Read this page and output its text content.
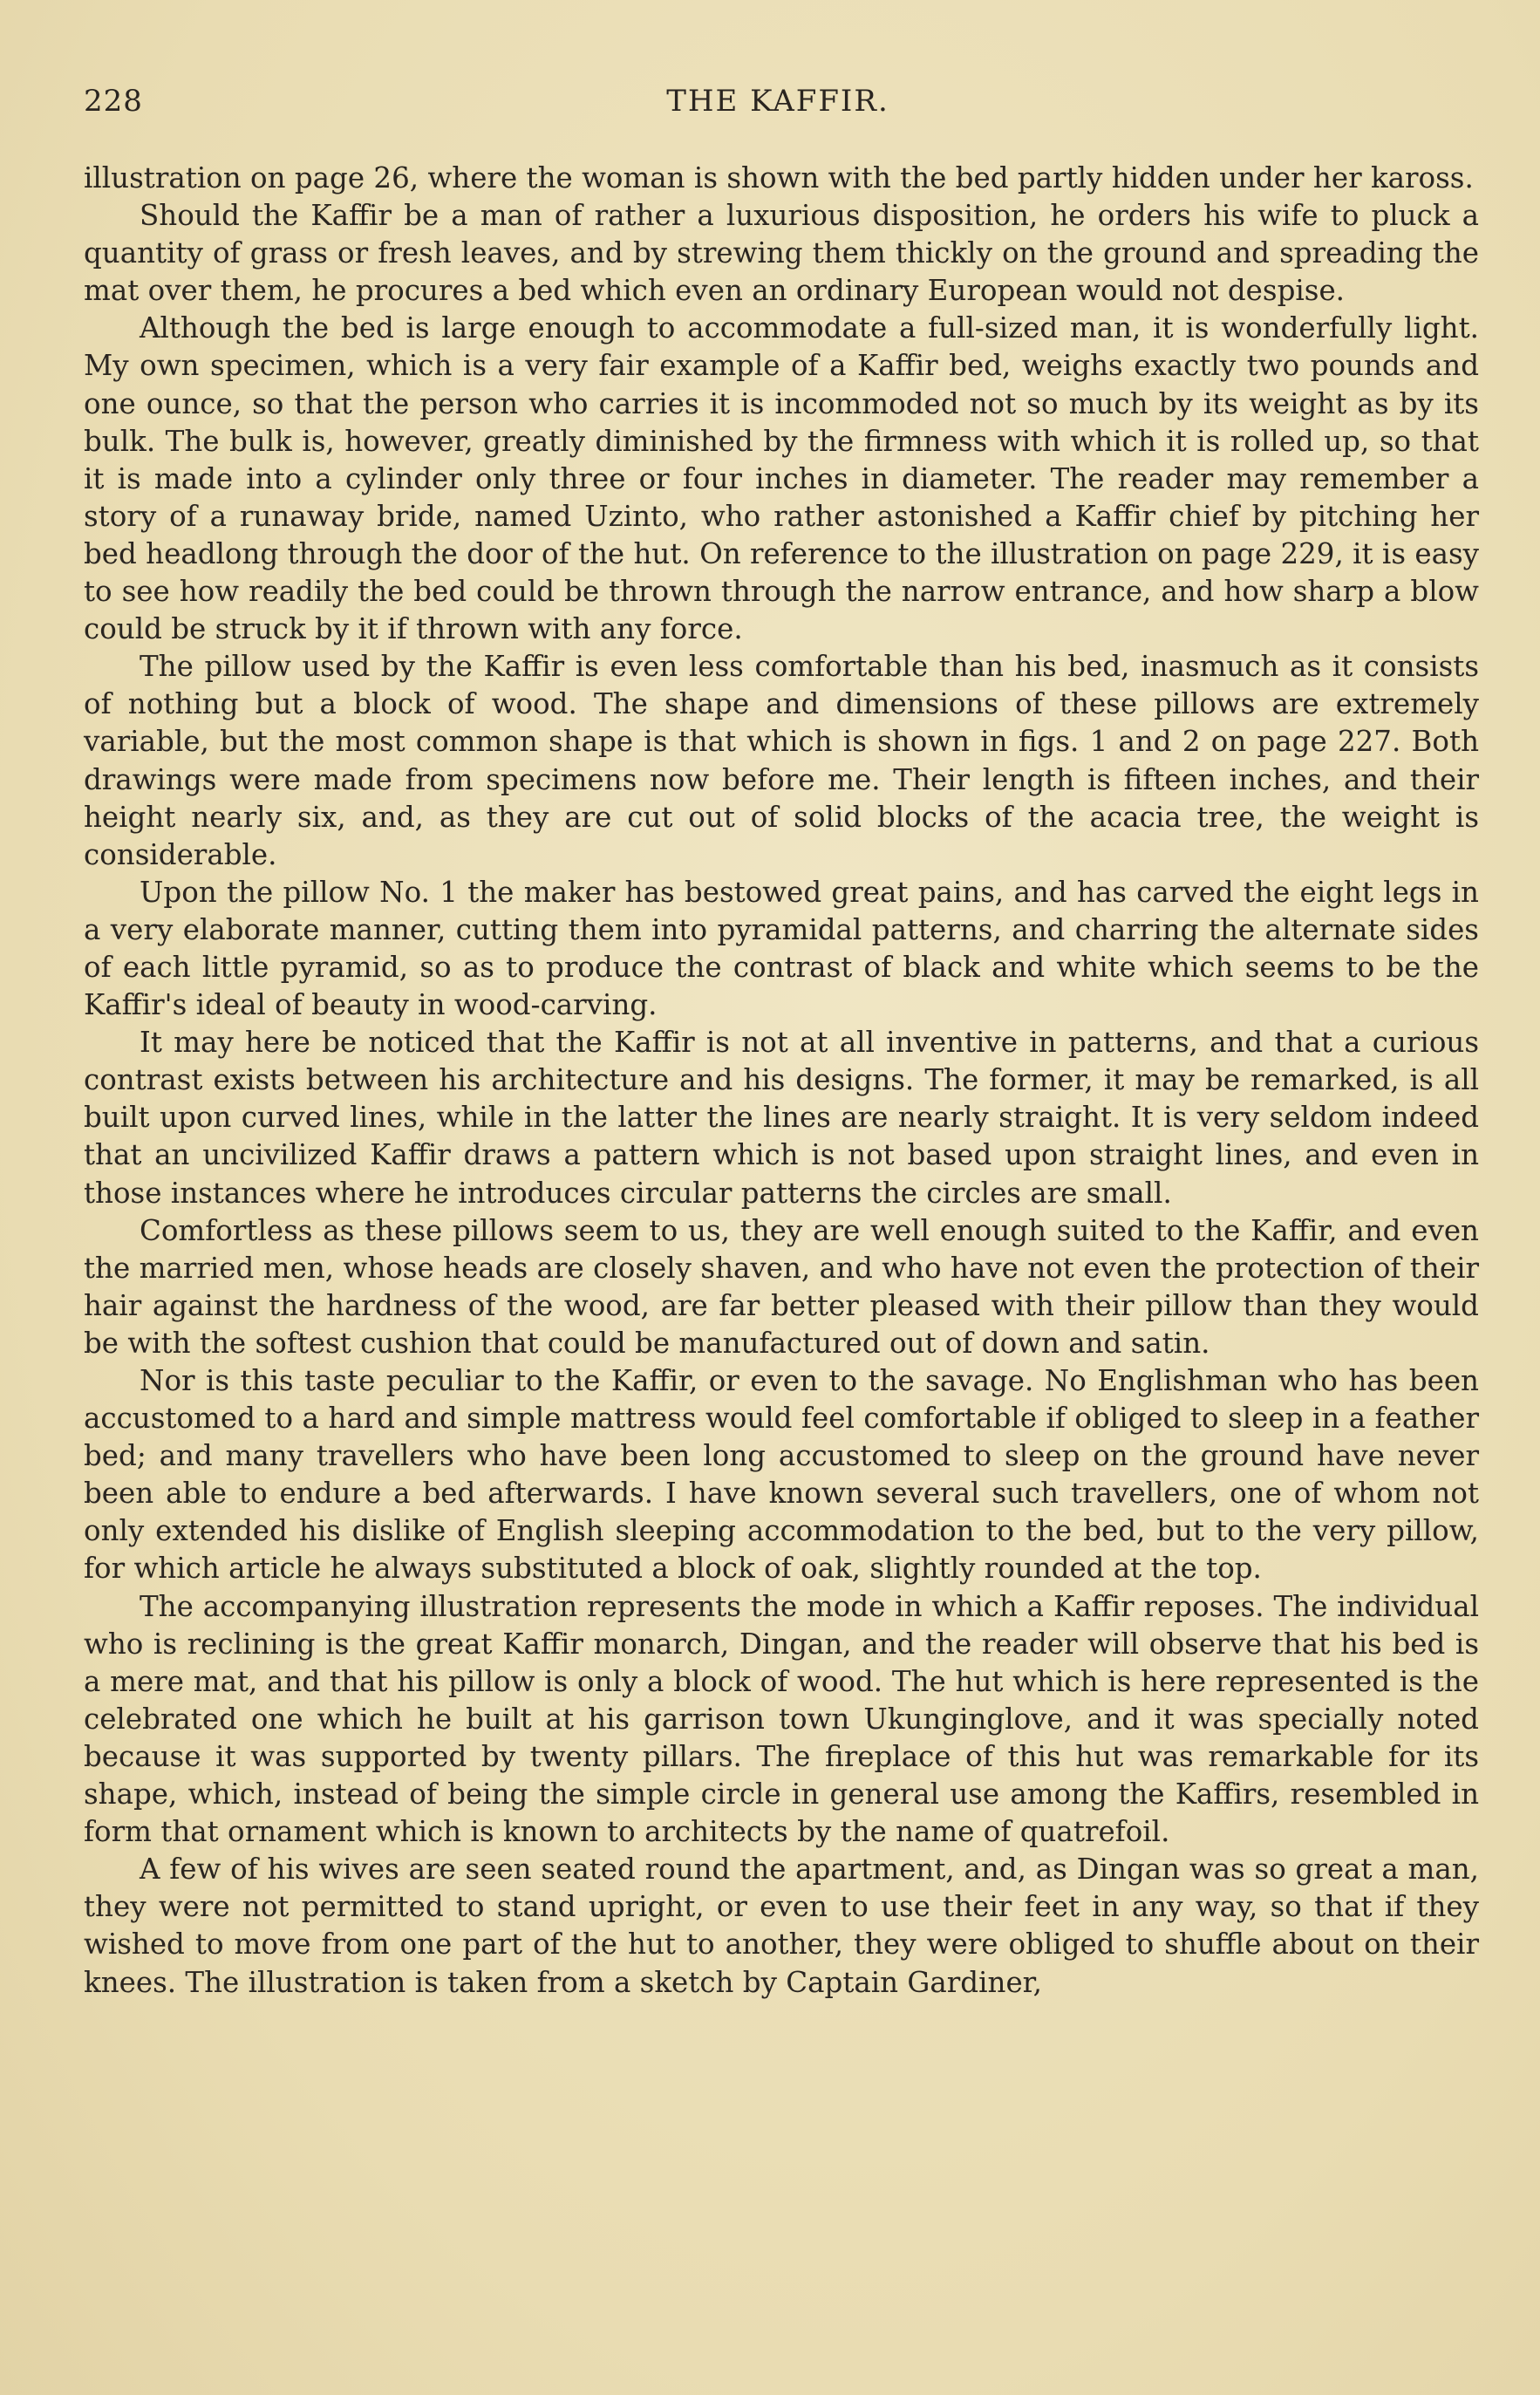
228	THE KAFFIR.

illustration on page 26, where the woman is shown with the bed partly hidden under her kaross.

Should the Kaffir be a man of rather a luxurious disposition, he orders his wife to pluck a quantity of grass or fresh leaves, and by strewing them thickly on the ground and spreading the mat over them, he procures a bed which even an ordinary European would not despise.

Although the bed is large enough to accommodate a full-sized man, it is wonderfully light. My own specimen, which is a very fair example of a Kaffir bed, weighs exactly two pounds and one ounce, so that the person who carries it is incommoded not so much by its weight as by its bulk. The bulk is, however, greatly diminished by the firmness with which it is rolled up, so that it is made into a cylinder only three or four inches in diameter. The reader may remember a story of a runaway bride, named Uzinto, who rather astonished a Kaffir chief by pitching her bed headlong through the door of the hut. On reference to the illustration on page 229, it is easy to see how readily the bed could be thrown through the narrow entrance, and how sharp a blow could be struck by it if thrown with any force.

The pillow used by the Kaffir is even less comfortable than his bed, inasmuch as it consists of nothing but a block of wood. The shape and dimensions of these pillows are extremely variable, but the most common shape is that which is shown in figs. 1 and 2 on page 227. Both drawings were made from specimens now before me. Their length is fifteen inches, and their height nearly six, and, as they are cut out of solid blocks of the acacia tree, the weight is considerable.

Upon the pillow No. 1 the maker has bestowed great pains, and has carved the eight legs in a very elaborate manner, cutting them into pyramidal patterns, and charring the alternate sides of each little pyramid, so as to produce the contrast of black and white which seems to be the Kaffir's ideal of beauty in wood-carving.

It may here be noticed that the Kaffir is not at all inventive in patterns, and that a curious contrast exists between his architecture and his designs. The former, it may be remarked, is all built upon curved lines, while in the latter the lines are nearly straight. It is very seldom indeed that an uncivilized Kaffir draws a pattern which is not based upon straight lines, and even in those instances where he introduces circular patterns the circles are small.

Comfortless as these pillows seem to us, they are well enough suited to the Kaffir, and even the married men, whose heads are closely shaven, and who have not even the protection of their hair against the hardness of the wood, are far better pleased with their pillow than they would be with the softest cushion that could be manufactured out of down and satin.

Nor is this taste peculiar to the Kaffir, or even to the savage. No Englishman who has been accustomed to a hard and simple mattress would feel comfortable if obliged to sleep in a feather bed; and many travellers who have been long accustomed to sleep on the ground have never been able to endure a bed afterwards. I have known several such travellers, one of whom not only extended his dislike of English sleeping accommodation to the bed, but to the very pillow, for which article he always substituted a block of oak, slightly rounded at the top.

The accompanying illustration represents the mode in which a Kaffir reposes. The individual who is reclining is the great Kaffir monarch, Dingan, and the reader will observe that his bed is a mere mat, and that his pillow is only a block of wood. The hut which is here represented is the celebrated one which he built at his garrison town Ukunginglove, and it was specially noted because it was supported by twenty pillars. The fireplace of this hut was remarkable for its shape, which, instead of being the simple circle in general use among the Kaffirs, resembled in form that ornament which is known to architects by the name of quatrefoil.

A few of his wives are seen seated round the apartment, and, as Dingan was so great a man, they were not permitted to stand upright, or even to use their feet in any way, so that if they wished to move from one part of the hut to another, they were obliged to shuffle about on their knees. The illustration is taken from a sketch by Captain Gardiner,
